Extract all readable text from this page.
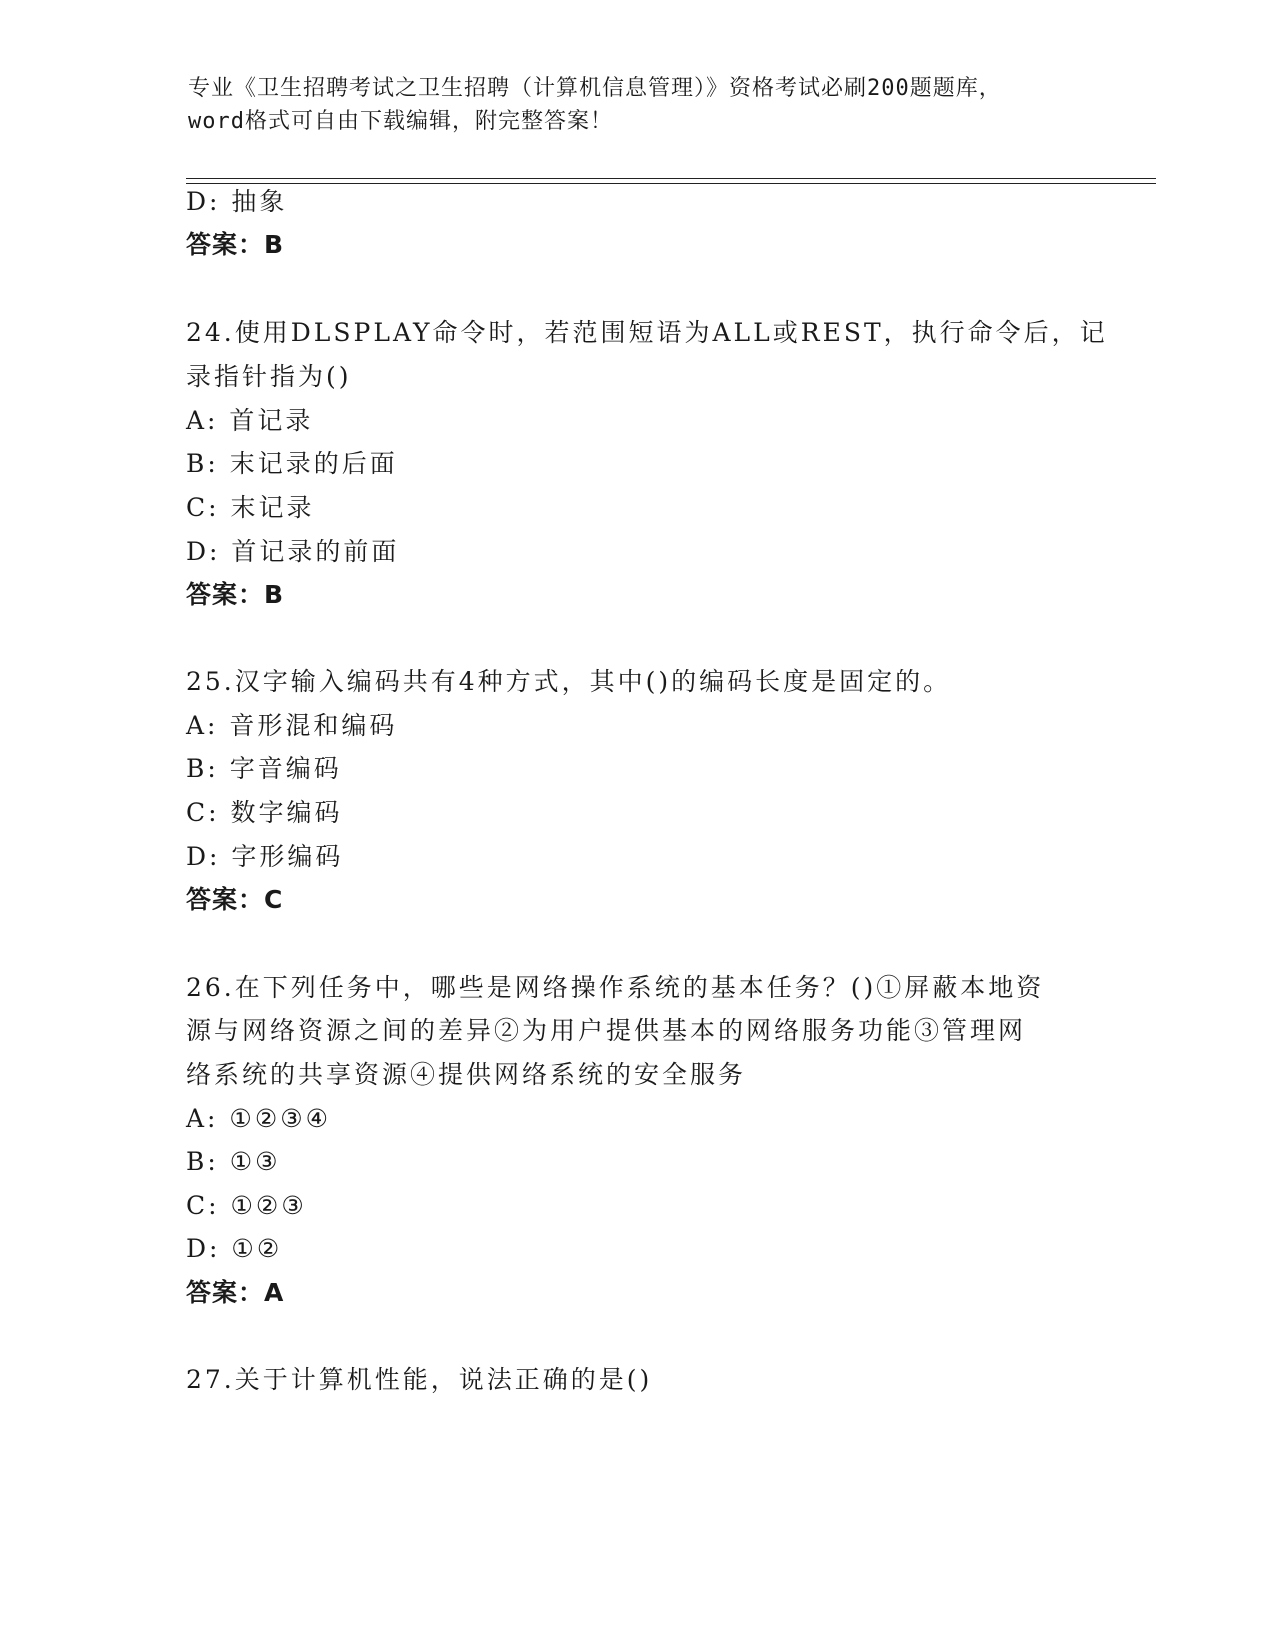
专业《卫生招聘考试之卫生招聘（计算机信息管理）》资格考试必刷200题题库，
word格式可自由下载编辑，附完整答案！
D: 抽象
答案：B
24.使用DLSPLAY命令时，若范围短语为ALL或REST，执行命令后，记
录指针指为()
A: 首记录
B: 末记录的后面
C: 末记录
D: 首记录的前面
答案：B
25.汉字输入编码共有4种方式，其中()的编码长度是固定的。
A: 音形混和编码
B: 字音编码
C: 数字编码
D: 字形编码
答案：C
26.在下列任务中，哪些是网络操作系统的基本任务？()①屏蔽本地资
源与网络资源之间的差异②为用户提供基本的网络服务功能③管理网
络系统的共享资源④提供网络系统的安全服务
A: ①②③④
B: ①③
C: ①②③
D: ①②
答案：A
27.关于计算机性能，说法正确的是()
